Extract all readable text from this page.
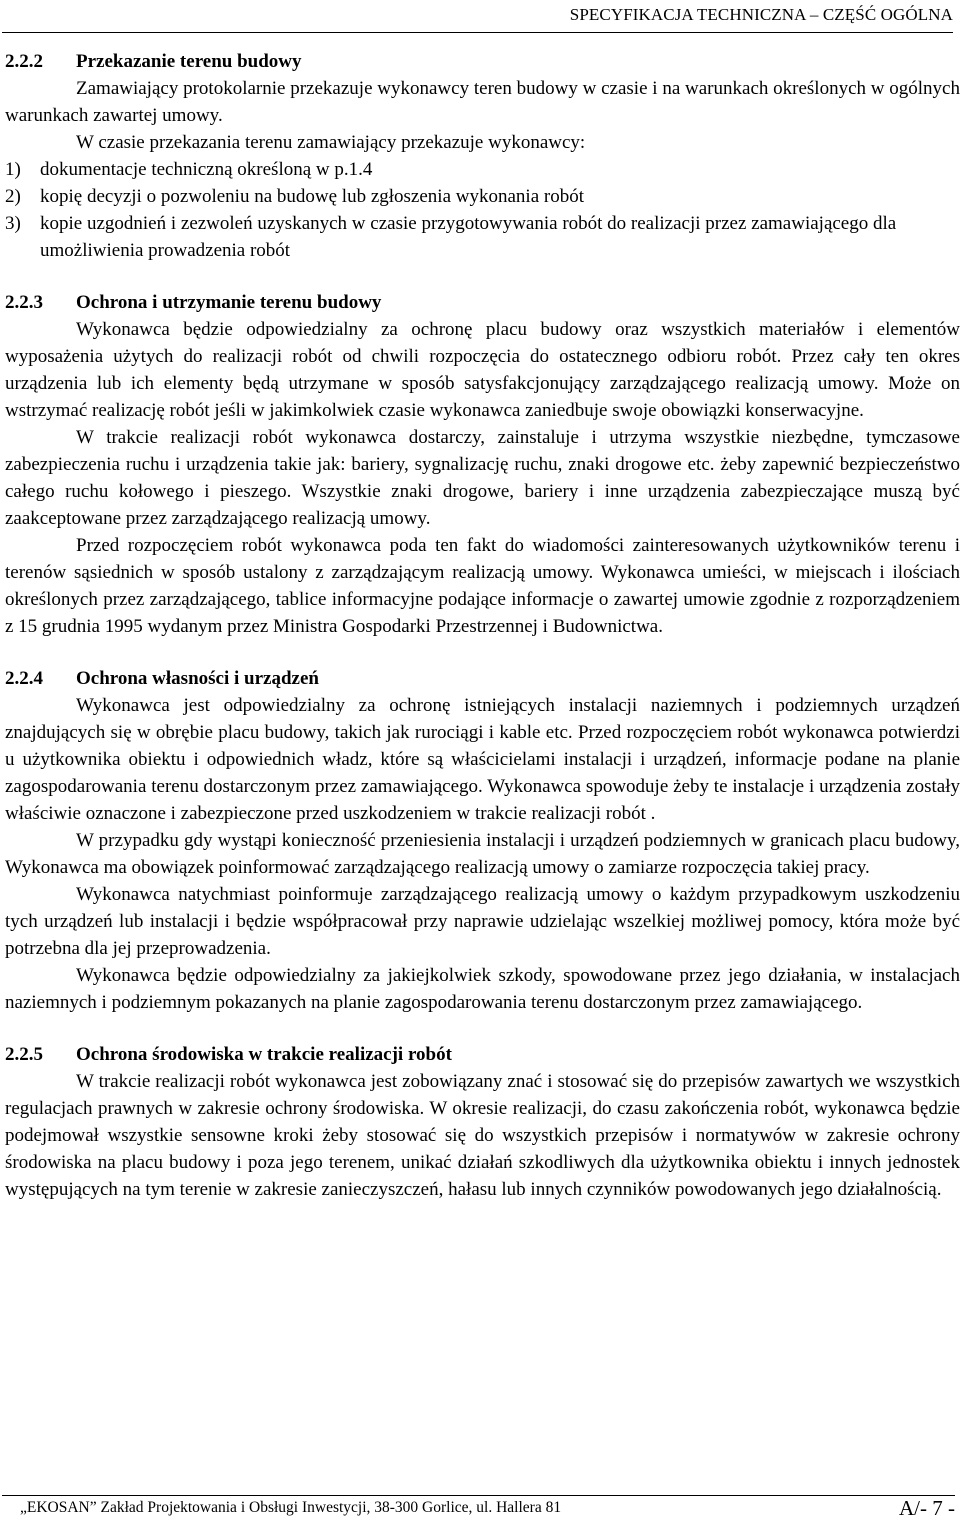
SPECYFIKACJA TECHNICZNA – CZĘŚĆ OGÓLNA
2.2.2 Przekazanie terenu budowy

Zamawiający protokolarnie przekazuje wykonawcy teren budowy w czasie i na warunkach określonych w ogólnych warunkach zawartej umowy.

W czasie przekazania terenu zamawiający przekazuje wykonawcy:

1) dokumentacje techniczną określoną w p.1.4
2) kopię decyzji o pozwoleniu na budowę lub zgłoszenia wykonania robót
3) kopie uzgodnień i zezwoleń uzyskanych w czasie przygotowywania robót do realizacji przez zamawiającego dla umożliwienia prowadzenia robót
2.2.3 Ochrona i utrzymanie terenu budowy

Wykonawca będzie odpowiedzialny za ochronę placu budowy oraz wszystkich materiałów i elementów wyposażenia użytych do realizacji robót od chwili rozpoczęcia do ostatecznego odbioru robót. Przez cały ten okres urządzenia lub ich elementy będą utrzymane w sposób satysfakcjonujący zarządzającego realizacją umowy. Może on wstrzymać realizację robót jeśli w jakimkolwiek czasie wykonawca zaniedbuje swoje obowiązki konserwacyjne.

W trakcie realizacji robót wykonawca dostarczy, zainstaluje i utrzyma wszystkie niezbędne, tymczasowe zabezpieczenia ruchu i urządzenia takie jak: bariery, sygnalizację ruchu, znaki drogowe etc. żeby zapewnić bezpieczeństwo całego ruchu kołowego i pieszego. Wszystkie znaki drogowe, bariery i inne urządzenia zabezpieczające muszą być zaakceptowane przez zarządzającego realizacją umowy.

Przed rozpoczęciem robót wykonawca poda ten fakt do wiadomości zainteresowanych użytkowników terenu i terenów sąsiednich w sposób ustalony z zarządzającym realizacją umowy. Wykonawca umieści, w miejscach i ilościach określonych przez zarządzającego, tablice informacyjne podające informacje o zawartej umowie zgodnie z rozporządzeniem z 15 grudnia 1995 wydanym przez Ministra Gospodarki Przestrzennej i Budownictwa.

2.2.4 Ochrona własności i urządzeń

Wykonawca jest odpowiedzialny za ochronę istniejących instalacji naziemnych i podziemnych urządzeń znajdujących się w obrębie placu budowy, takich jak rurociągi i kable etc. Przed rozpoczęciem robót wykonawca potwierdzi u użytkownika obiektu i odpowiednich władz, które są właścicielami instalacji i urządzeń, informacje podane na planie zagospodarowania terenu dostarczonym przez zamawiającego. Wykonawca spowoduje żeby te instalacje i urządzenia zostały właściwie oznaczone i zabezpieczone przed uszkodzeniem w trakcie realizacji robót .

W przypadku gdy wystąpi konieczność przeniesienia instalacji i urządzeń podziemnych w granicach placu budowy, Wykonawca ma obowiązek poinformować zarządzającego realizacją umowy o zamiarze rozpoczęcia takiej pracy.

Wykonawca natychmiast poinformuje zarządzającego realizacją umowy o każdym przypadkowym uszkodzeniu tych urządzeń lub instalacji i będzie współpracował przy naprawie udzielając wszelkiej możliwej pomocy, która może być potrzebna dla jej przeprowadzenia.

Wykonawca będzie odpowiedzialny za jakiejkolwiek szkody, spowodowane przez jego działania, w instalacjach naziemnych i podziemnym pokazanych na planie zagospodarowania terenu dostarczonym przez zamawiającego.

2.2.5 Ochrona środowiska w trakcie realizacji robót

W trakcie realizacji robót wykonawca jest zobowiązany znać i stosować się do przepisów zawartych we wszystkich regulacjach prawnych w zakresie ochrony środowiska. W okresie realizacji, do czasu zakończenia robót, wykonawca będzie podejmował wszystkie sensowne kroki żeby stosować się do wszystkich przepisów i normatywów w zakresie ochrony środowiska na placu budowy i poza jego terenem, unikać działań szkodliwych dla użytkownika obiektu i innych jednostek występujących na tym terenie w zakresie zanieczyszczeń, hałasu lub innych czynników powodowanych jego działalnością.

„EKOSAN” Zakład Projektowania i Obsługi Inwestycji, 38-300 Gorlice, ul. Hallera 81	A/- 7 -
